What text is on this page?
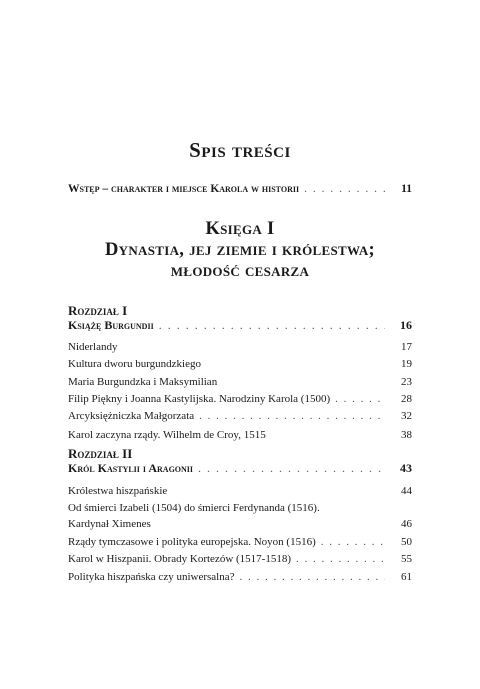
Spis treści
Wstęp – charakter i miejsce Karola w historii . . .	11
Księga I
Dynastia, jej ziemie i królestwa;
młodość cesarza
Rozdział I
Książę Burgundii . . .	16
Niderlandy	17
Kultura dworu burgundzkiego	19
Maria Burgundzka i Maksymilian	23
Filip Piękny i Joanna Kastylijska. Narodziny Karola (1500) . . .	28
Arcyksiężniczka Małgorzata . . .	32
Karol zaczyna rządy. Wilhelm de Croy, 1515	38
Rozdział II
Król Kastylii i Aragonii . . .	43
Królestwa hiszpańskie	44
Od śmierci Izabeli (1504) do śmierci Ferdynanda (1516).
Kardynał Ximenes	46
Rządy tymczasowe i polityka europejska. Noyon (1516) . . .	50
Karol w Hiszpanii. Obrady Kortezów (1517-1518) . . .	55
Polityka hiszpańska czy uniwersalna? . . .	61
